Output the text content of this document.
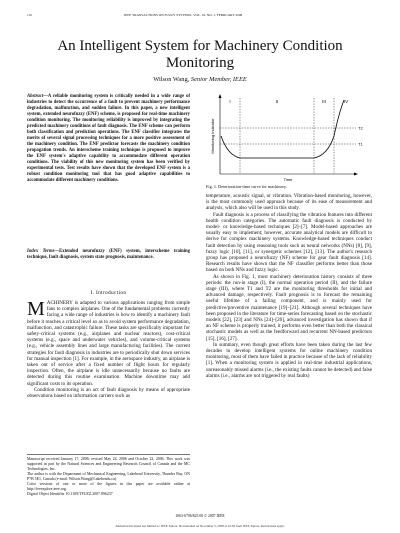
110	IEEE TRANSACTIONS ON FUZZY SYSTEMS, VOL. 16, NO. 1, FEBRUARY 2008
An Intelligent System for Machinery Condition Monitoring
Wilson Wang, Senior Member, IEEE

Abstract—A reliable monitoring system is critically needed in a wide range of industries to detect the occurrence of a fault to prevent machinery performance degradation, malfunction, and sudden failure. In this paper, a new intelligent system, extended neurofuzzy (ENF) scheme, is proposed for real-time machinery condition monitoring. The monitoring reliability is improved by integrating the predicted machinery conditions of fault diagnosis. The ENF scheme can perform both classification and prediction operations. The ENF classifier integrates the merits of several signal processing techniques for a more positive assessment of the machinery condition. The ENF predictor forecasts the machinery condition propagation trends. An interscheme training technique is proposed to improve the ENF system's adaptive capability to accommodate different operation conditions. The viability of this new monitoring system has been verified by experimental tests. Test results have shown that the developed ENF system is a robust condition monitoring tool that has good adaptive capabilities to accommodate different machinery conditions.

Index Terms—Extended neurofuzzy (ENF) system, interscheme training technique, fault diagnosis, system state prognosis, maintenance.

I. Introduction

MACHINERY is adapted to various applications ranging from simple fans to complex airplanes. One of the fundamental problems currently facing a wide range of industries is how to identify a machinery fault before it reaches a critical level so as to avoid system performance degradation, malfunction, and catastrophic failure. These tasks are specifically important for safety-critical systems (e.g., airplanes and nuclear reactors), cost-critical systems (e.g., space and underwater vehicles), and volume-critical systems (e.g., vehicle assembly lines and large manufacturing facilities). The current strategies for fault diagnosis in industries are to periodically shut down services for manual inspection [1]. For example, in the aerospace industry, an airplane is taken out of service after a fixed number of flight hours for regularly inspection. Often, the airplane is idle unnecessarily because no faults are detected during this routine examination. Machine downtime may add significant costs to its operation.

Condition monitoring is an act of fault diagnosis by means of appropriate observations based on information carriers such as

Manuscript received January 17, 2006; revised May 24, 2006 and October 22, 2006. This work was supported in part by the Natural Sciences and Engineering Research Council of Canada and the MC Technologies, Inc.

The author is with the Department of Mechanical Engineering, Lakehead University, Thunder Bay, ON P7B 5E1, Canada (e-mail: Wilson.Wang@Lakeheadu.ca).

Color versions of one or more of the figures in this paper are available online at http://ieeexplore.ieee.org.

Digital Object Identifier 10.1109/TFUZZ.2007.896237

I	II	III	IV
T1
T2
Monitoring Indicator
Time
Fig. 1. Deterioration-time curve for machinery.

temperature, acoustic signal, or vibration. Vibration-based monitoring, however, is the most commonly used approach because of its ease of measurement and analysis, which also will be used in this study.

Fault diagnosis is a process of classifying the vibration features into different health condition categories. The automatic fault diagnosis is conducted by model- or knowledge-based techniques [2]–[7]. Model-based approaches are usually easy to implement; however, accurate analytical models are difficult to derive for complex machinery systems. Knowledge-based techniques conduct fault detection by using reasoning tools such as neural networks (NNs) [8], [9], fuzzy logic [10], [11], or synergetic schemes [12], [13]. The author's research group has proposed a neurofuzzy (NF) scheme for gear fault diagnosis [14]. Research results have shown that the NF classifier performs better than those based on both NNs and fuzzy logic.

As shown in Fig. 1, most machinery deterioration history consists of three periods: the run-in stage (I), the normal operation period (II), and the failure stage (III), where T1 and T2 are the monitoring thresholds for initial and advanced damage, respectively. Fault prognosis is to forecast the remaining useful lifetime of a failing component, and is mainly used for predictive/preventive maintenance [19]–[21]. Although several techniques have been proposed in the literature for time-series forecasting based on the stochastic models [22], [23] and NNs [24]–[26], advanced investigation has shown that if an NF scheme is properly trained, it performs even better than both the classical stochastic models as well as the feedforward and recurrent NN-based predictors [15], [16], [27].

In summary, even though great efforts have been taken during the last few decades to develop intelligent systems for online machinery condition monitoring, most of them have failed in practice because of the lack of reliability [1]. When a monitoring system is applied in real-time industrial applications, unreasonably missed alarms (i.e., the existing faults cannot be detected) and false alarms (i.e., alarms are not triggered by real faults)

1063-6706/$25.00 © 2007 IEEE
Authorized licensed use limited to: IEEE Xplore. Downloaded on November 5, 2008 at 01:58 from IEEE Xplore. Restrictions apply.
